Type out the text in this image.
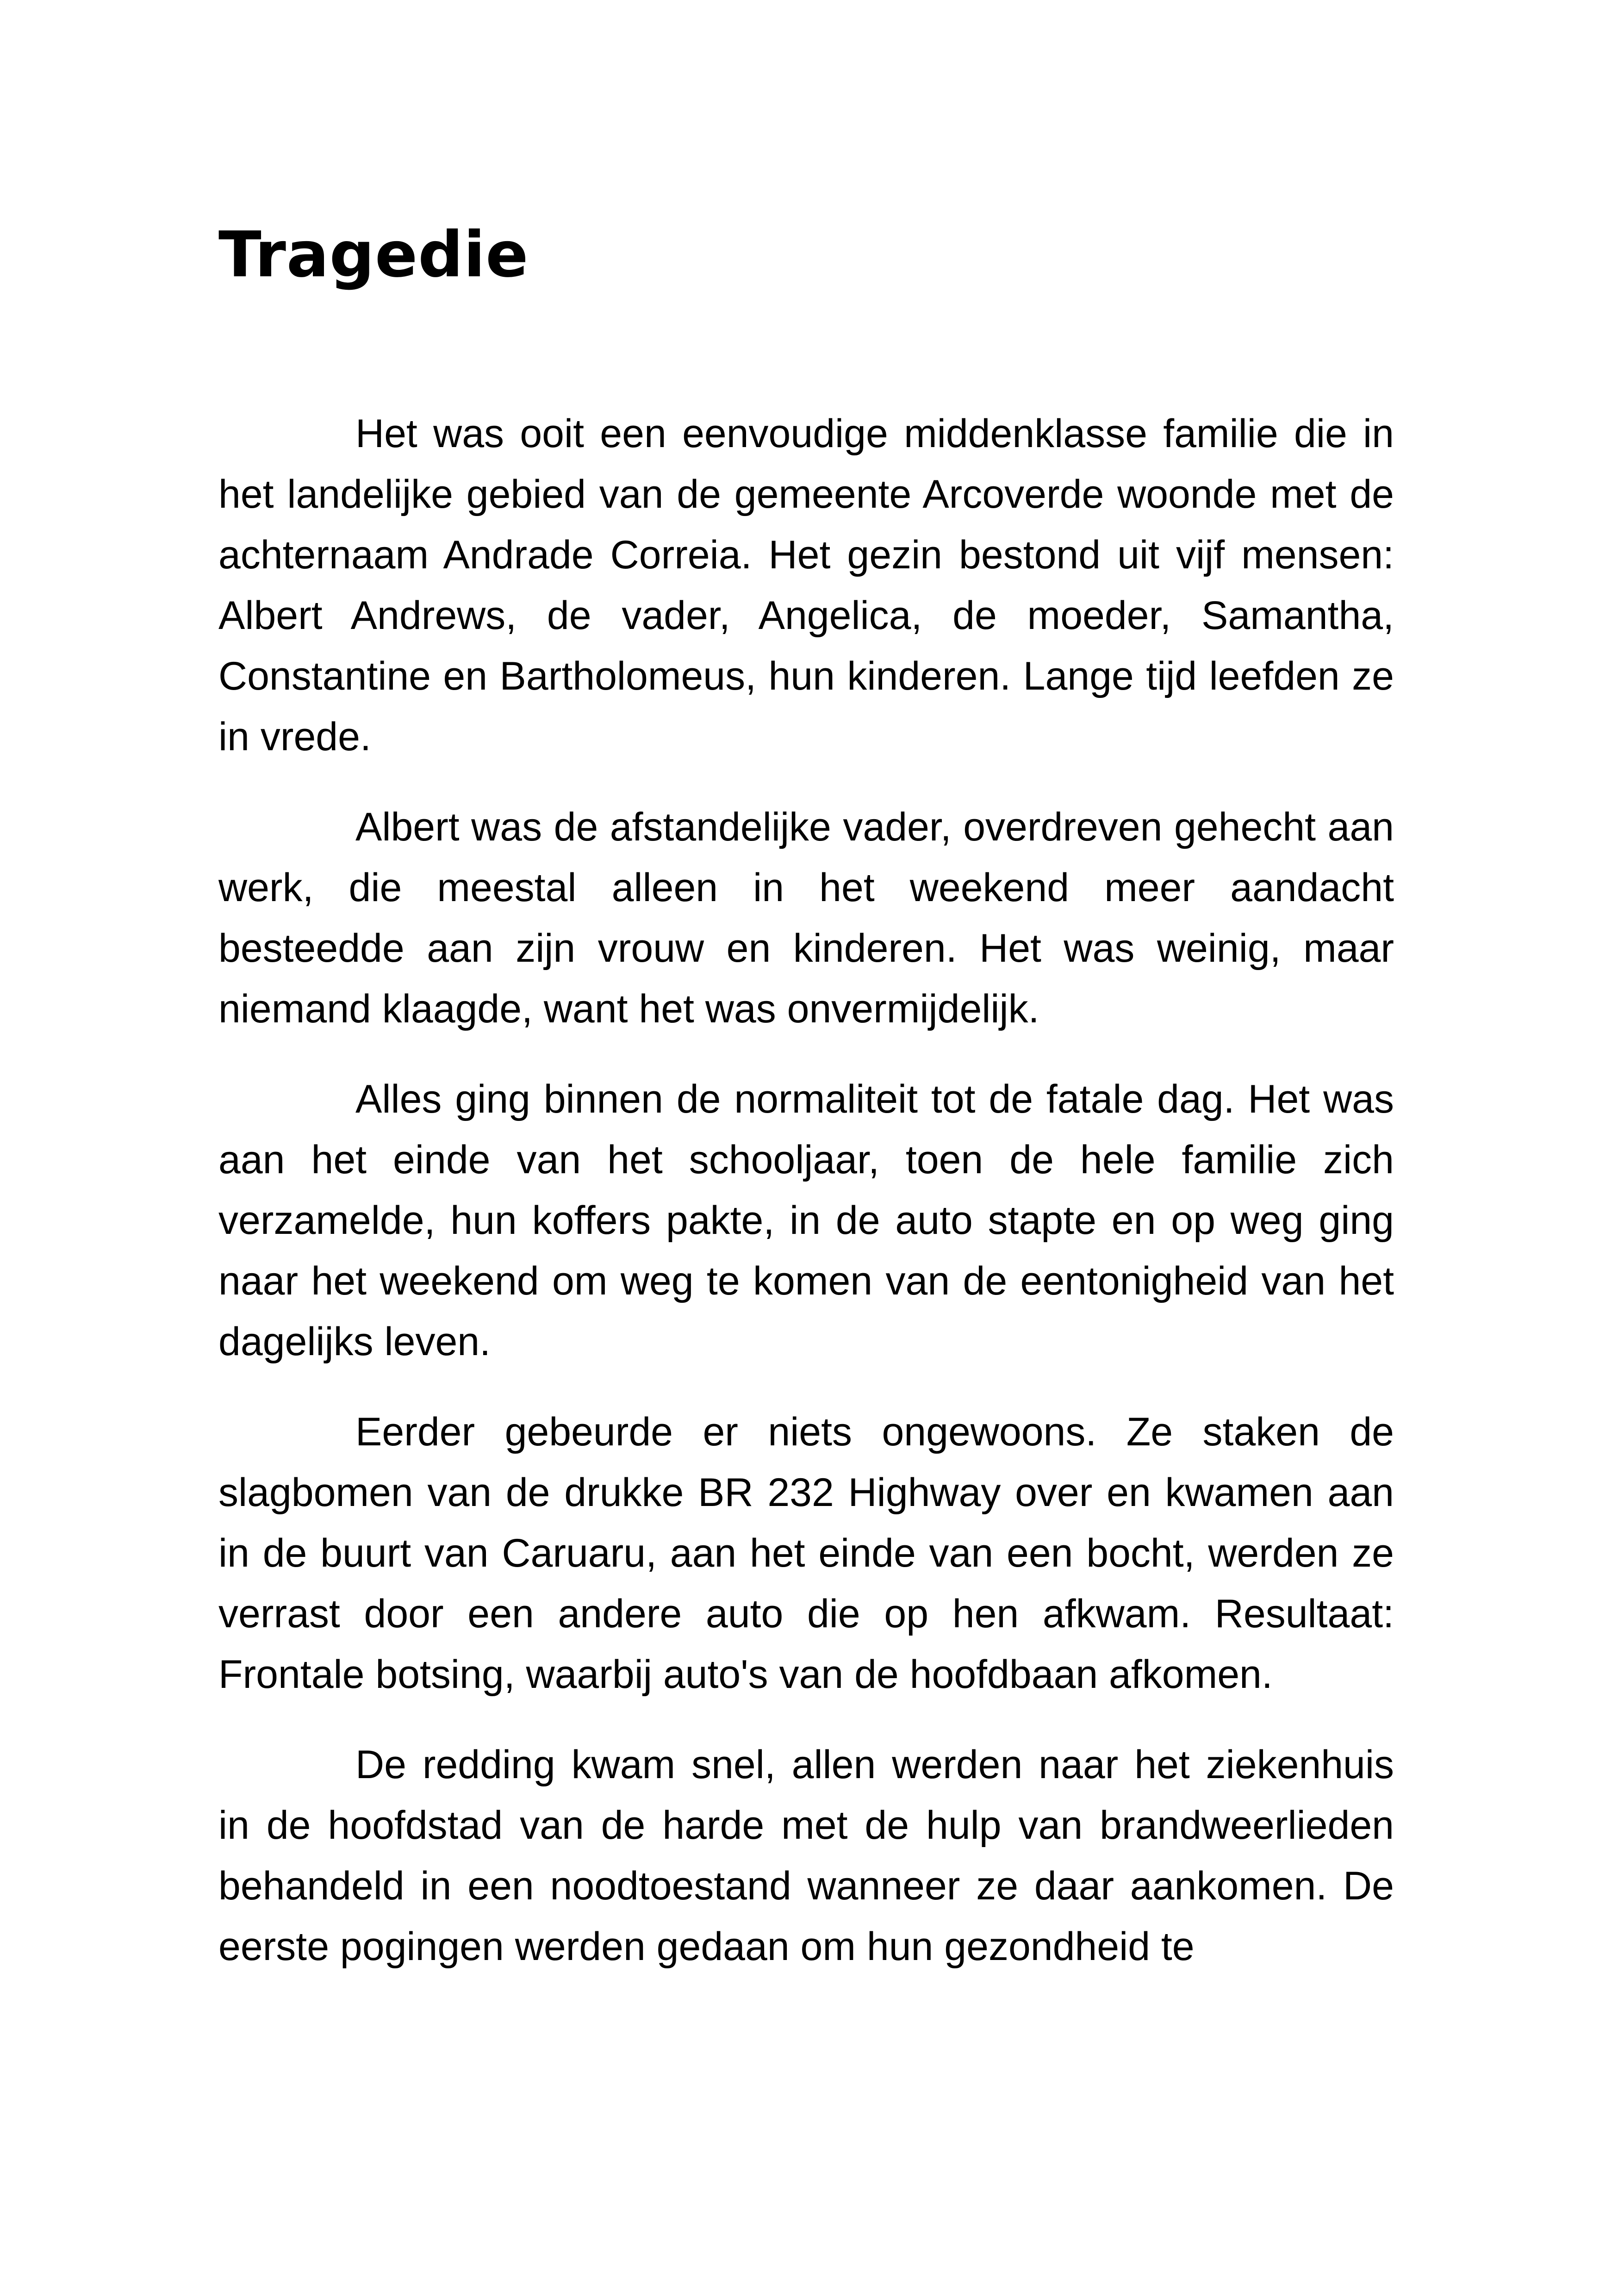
Tragedie

Het was ooit een eenvoudige middenklasse familie die in het landelijke gebied van de gemeente Arcoverde woonde met de achternaam Andrade Correia. Het gezin bestond uit vijf mensen: Albert Andrews, de vader, Angelica, de moeder, Samantha, Constantine en Bartholomeus, hun kinderen. Lange tijd leefden ze in vrede.

Albert was de afstandelijke vader, overdreven gehecht aan werk, die meestal alleen in het weekend meer aandacht besteedde aan zijn vrouw en kinderen. Het was weinig, maar niemand klaagde, want het was onvermijdelijk.

Alles ging binnen de normaliteit tot de fatale dag. Het was aan het einde van het schooljaar, toen de hele familie zich verzamelde, hun koffers pakte, in de auto stapte en op weg ging naar het weekend om weg te komen van de eentonigheid van het dagelijks leven.

Eerder gebeurde er niets ongewoons. Ze staken de slagbomen van de drukke BR 232 Highway over en kwamen aan in de buurt van Caruaru, aan het einde van een bocht, werden ze verrast door een andere auto die op hen afkwam. Resultaat: Frontale botsing, waarbij auto's van de hoofdbaan afkomen.

De redding kwam snel, allen werden naar het ziekenhuis in de hoofdstad van de harde met de hulp van brandweerlieden behandeld in een noodtoestand wanneer ze daar aankomen. De eerste pogingen werden gedaan om hun gezondheid te
